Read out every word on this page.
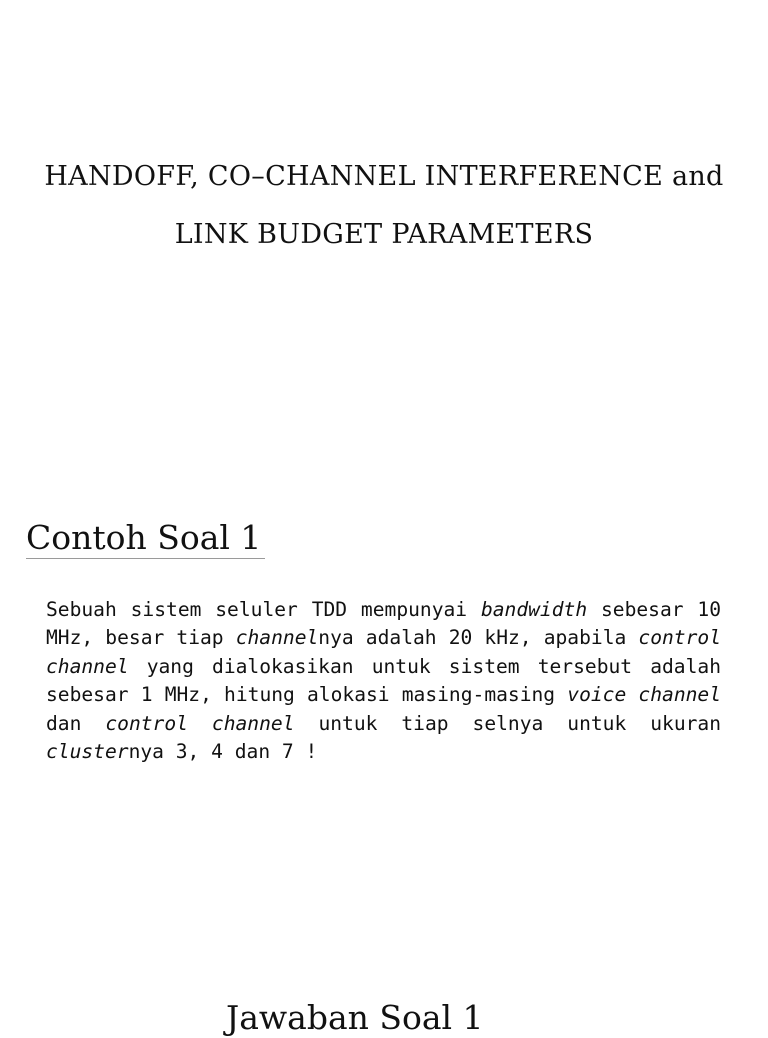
HANDOFF, CO–CHANNEL INTERFERENCE and
LINK BUDGET PARAMETERS
Contoh Soal 1

Sebuah sistem seluler TDD mempunyai bandwidth sebesar 10 MHz, besar tiap channelnya adalah 20 kHz, apabila control channel yang dialokasikan untuk sistem tersebut adalah sebesar 1 MHz, hitung alokasi masing-masing voice channel dan control channel untuk tiap selnya untuk ukuran clusternya 3, 4 dan 7 !

Jawaban Soal 1
